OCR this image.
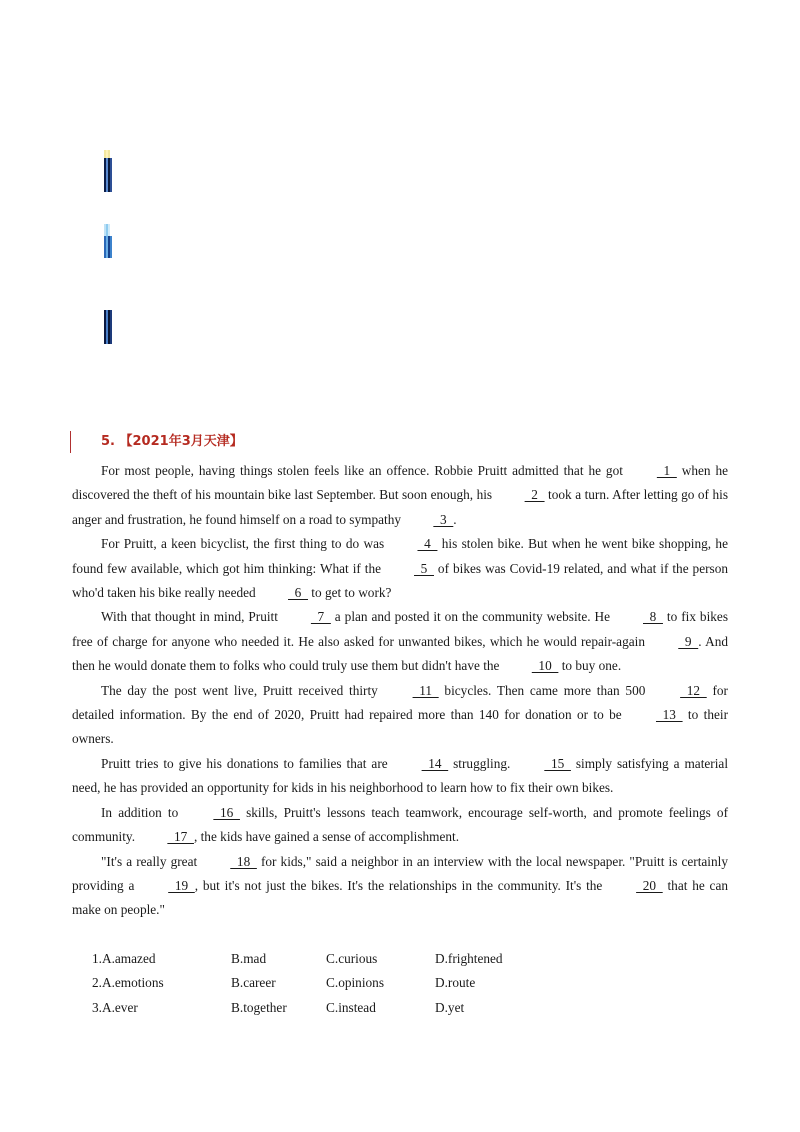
5. 【2021年3月天津】

For most people, having things stolen feels like an offence. Robbie Pruitt admitted that he got   1   when he discovered the theft of his mountain bike last September. But soon enough, his   2   took a turn. After letting go of his anger and frustration, he found himself on a road to sympathy   3  .

For Pruitt, a keen bicyclist, the first thing to do was   4   his stolen bike. But when he went bike shopping, he found few available, which got him thinking: What if the   5   of bikes was Covid-19 related, and what if the person who'd taken his bike really needed   6   to get to work?

With that thought in mind, Pruitt   7   a plan and posted it on the community website. He   8   to fix bikes free of charge for anyone who needed it. He also asked for unwanted bikes, which he would repair-again   9  . And then he would donate them to folks who could truly use them but didn't have the   10   to buy one.

The day the post went live, Pruitt received thirty   11   bicycles. Then came more than 500   12   for detailed information. By the end of 2020, Pruitt had repaired more than 140 for donation or to be   13   to their owners.

Pruitt tries to give his donations to families that are   14   struggling.   15   simply satisfying a material need, he has provided an opportunity for kids in his neighborhood to learn how to fix their own bikes.

In addition to   16   skills, Pruitt's lessons teach teamwork, encourage self-worth, and promote feelings of community.   17  , the kids have gained a sense of accomplishment.

"It's a really great   18   for kids," said a neighbor in an interview with the local newspaper. "Pruitt is certainly providing a   19  , but it's not just the bikes. It's the relationships in the community. It's the   20   that he can make on people."

1.A.amazed	B.mad	C.curious	D.frightened
2.A.emotions	B.career	C.opinions	D.route
3.A.ever	B.together	C.instead	D.yet
